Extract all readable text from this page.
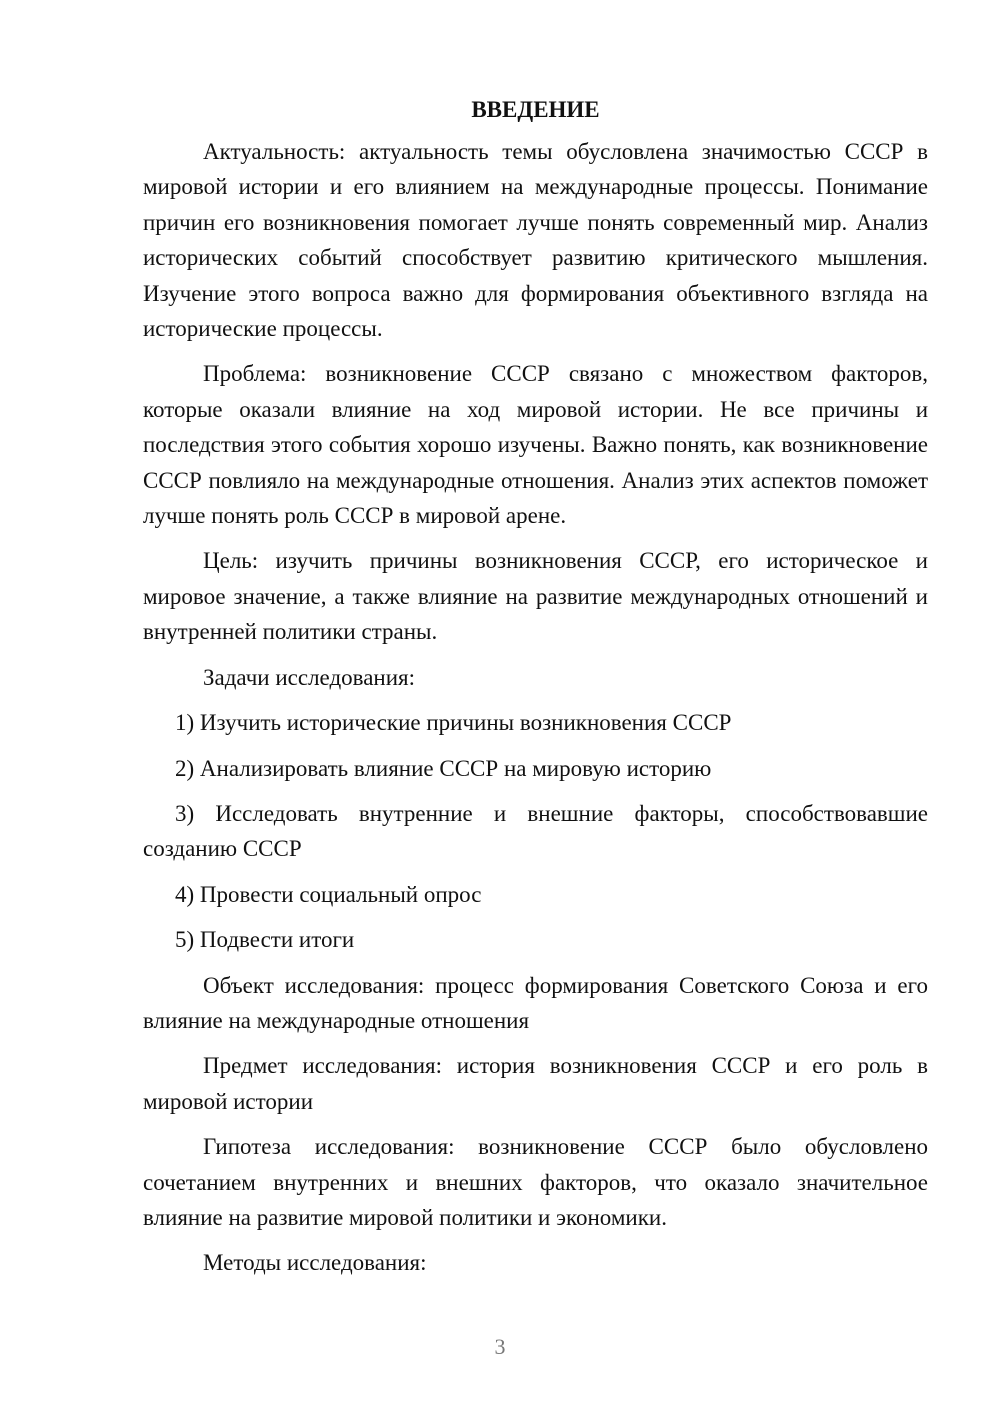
ВВЕДЕНИЕ

Актуальность: актуальность темы обусловлена значимостью СССР в мировой истории и его влиянием на международные процессы. Понимание причин его возникновения помогает лучше понять современный мир. Анализ исторических событий способствует развитию критического мышления. Изучение этого вопроса важно для формирования объективного взгляда на исторические процессы.

Проблема: возникновение СССР связано с множеством факторов, которые оказали влияние на ход мировой истории. Не все причины и последствия этого события хорошо изучены. Важно понять, как возникновение СССР повлияло на международные отношения. Анализ этих аспектов поможет лучше понять роль СССР в мировой арене.

Цель: изучить причины возникновения СССР, его историческое и мировое значение, а также влияние на развитие международных отношений и внутренней политики страны.

Задачи исследования:

1) Изучить исторические причины возникновения СССР

2) Анализировать влияние СССР на мировую историю

3) Исследовать внутренние и внешние факторы, способствовавшие созданию СССР

4) Провести социальный опрос

5) Подвести итоги

Объект исследования: процесс формирования Советского Союза и его влияние на международные отношения

Предмет исследования: история возникновения СССР и его роль в мировой истории

Гипотеза исследования: возникновение СССР было обусловлено сочетанием внутренних и внешних факторов, что оказало значительное влияние на развитие мировой политики и экономики.

Методы исследования:

3
